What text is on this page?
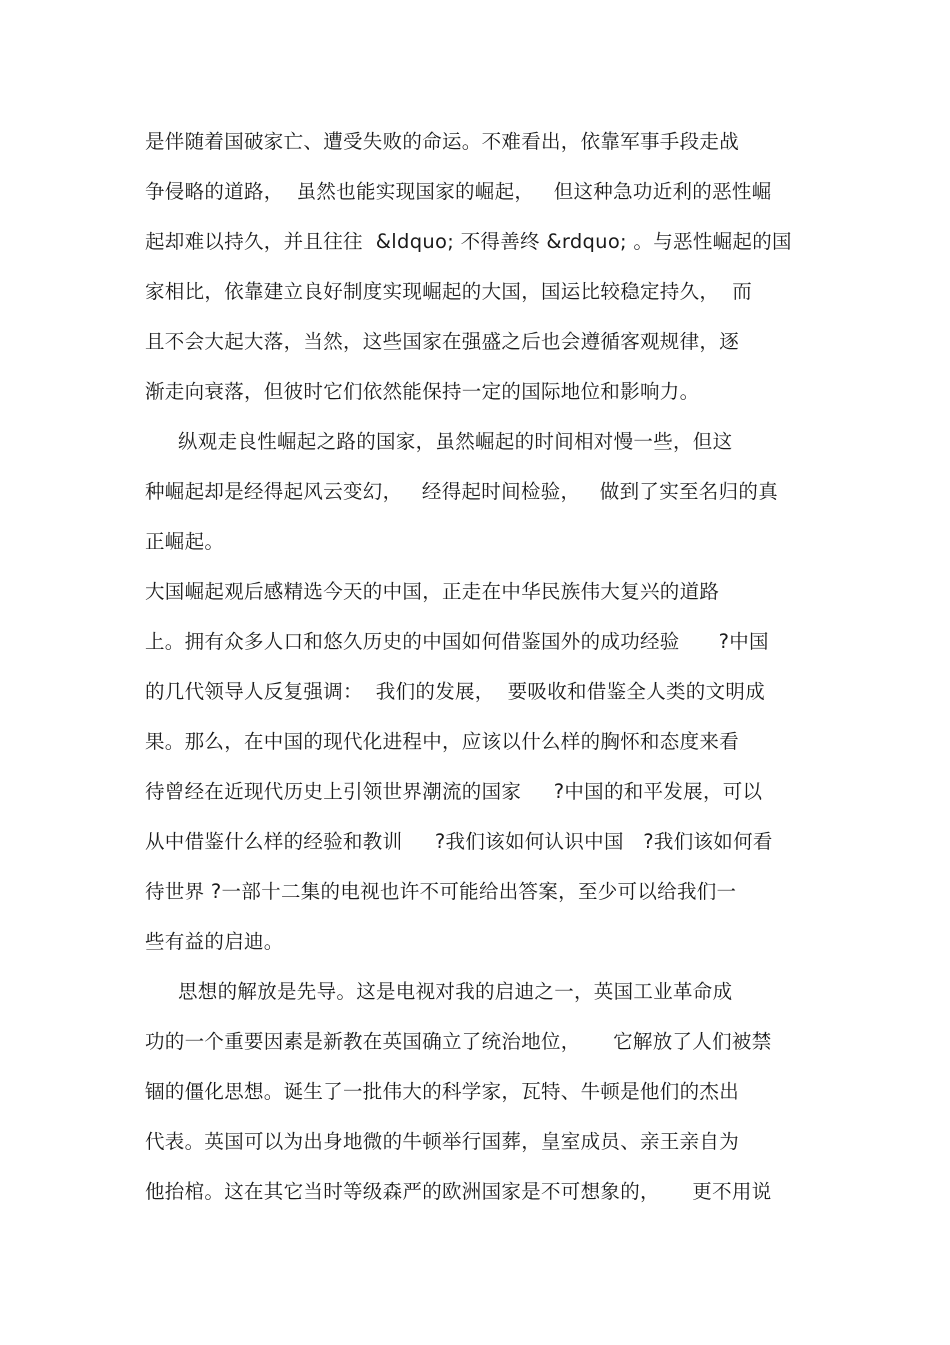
是伴随着国破家亡、遭受失败的命运。不难看出，依靠军事手段走战
争侵略的道路，  虽然也能实现国家的崛起，   但这种急功近利的恶性崛
起却难以持久，并且往往  &ldquo; 不得善终 &rdquo; 。与恶性崛起的国
家相比，依靠建立良好制度实现崛起的大国，国运比较稳定持久，  而
且不会大起大落，当然，这些国家在强盛之后也会遵循客观规律，逐
渐走向衰落，但彼时它们依然能保持一定的国际地位和影响力。
纵观走良性崛起之路的国家，虽然崛起的时间相对慢一些，但这
种崛起却是经得起风云变幻，   经得起时间检验，   做到了实至名归的真
正崛起。
大国崛起观后感精选今天的中国，正走在中华民族伟大复兴的道路
上。拥有众多人口和悠久历史的中国如何借鉴国外的成功经验      ?中国
的几代领导人反复强调：  我们的发展，  要吸收和借鉴全人类的文明成
果。那么，在中国的现代化进程中，应该以什么样的胸怀和态度来看
待曾经在近现代历史上引领世界潮流的国家     ?中国的和平发展，可以
从中借鉴什么样的经验和教训     ?我们该如何认识中国   ?我们该如何看
待世界 ?一部十二集的电视也许不可能给出答案，至少可以给我们一
些有益的启迪。
思想的解放是先导。这是电视对我的启迪之一，英国工业革命成
功的一个重要因素是新教在英国确立了统治地位，     它解放了人们被禁
锢的僵化思想。诞生了一批伟大的科学家，瓦特、牛顿是他们的杰出
代表。英国可以为出身地微的牛顿举行国葬，皇室成员、亲王亲自为
他抬棺。这在其它当时等级森严的欧洲国家是不可想象的，     更不用说
